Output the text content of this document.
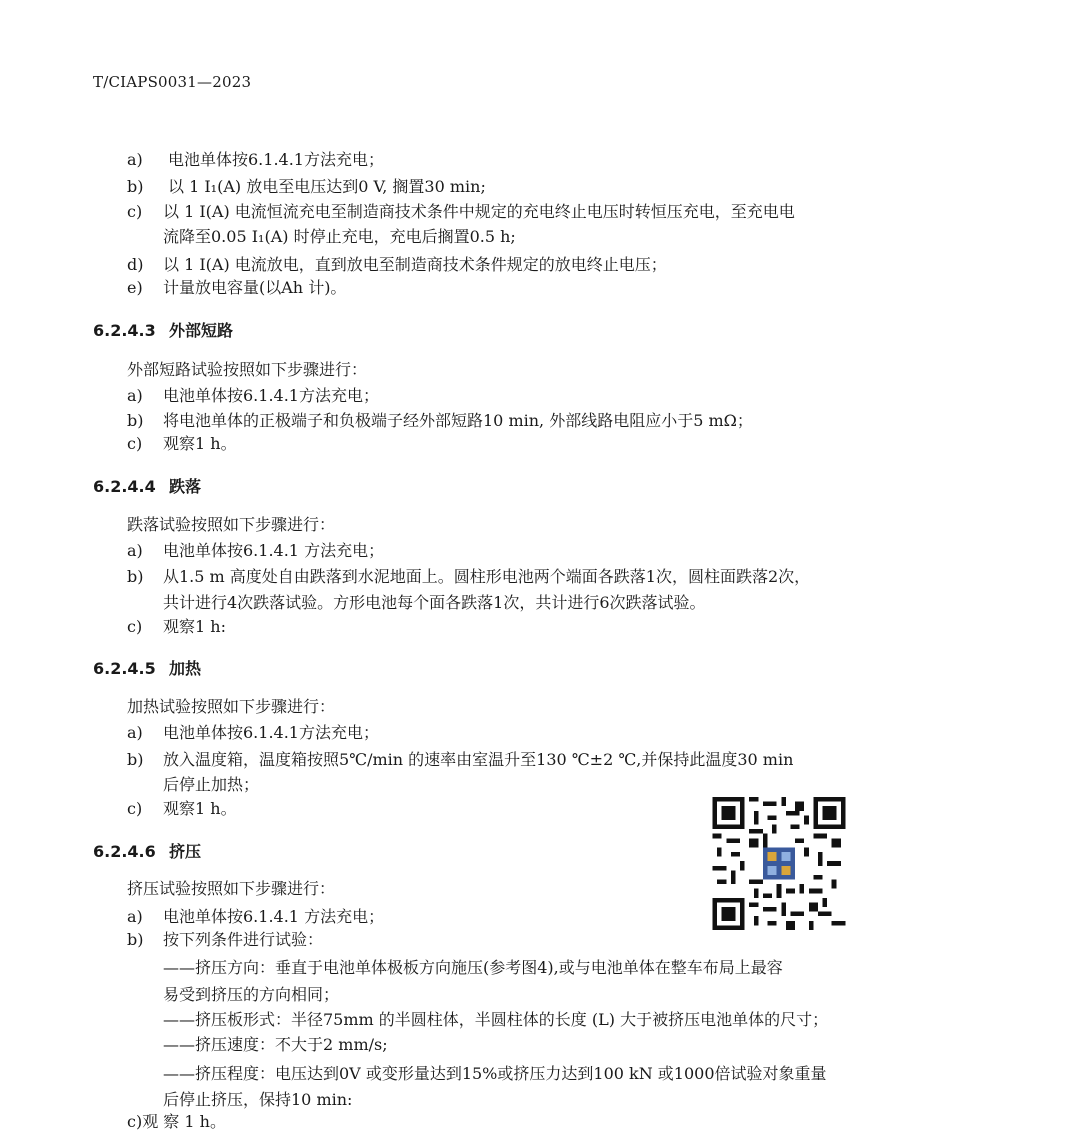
T/CIAPS0031—2023
a) 电池单体按6.1.4.1方法充电；
b) 以 1 I₁(A) 放电至电压达到0 V, 搁置30 min;
c) 以 1 I(A) 电流恒流充电至制造商技术条件中规定的充电终止电压时转恒压充电，至充电电
流降至0.05 I₁(A) 时停止充电，充电后搁置0.5 h;
d) 以 1 I(A) 电流放电，直到放电至制造商技术条件规定的放电终止电压；
e) 计量放电容量(以Ah 计)。
6.2.4.3 外部短路
外部短路试验按照如下步骤进行：
a) 电池单体按6.1.4.1方法充电；
b) 将电池单体的正极端子和负极端子经外部短路10 min, 外部线路电阻应小于5 mΩ；
c) 观察1 h。
6.2.4.4 跌落
跌落试验按照如下步骤进行：
a) 电池单体按6.1.4.1 方法充电；
b) 从1.5 m 高度处自由跌落到水泥地面上。圆柱形电池两个端面各跌落1次，圆柱面跌落2次，
共计进行4次跌落试验。方形电池每个面各跌落1次，共计进行6次跌落试验。
c) 观察1 h:
6.2.4.5 加热
加热试验按照如下步骤进行：
a) 电池单体按6.1.4.1方法充电；
b) 放入温度箱，温度箱按照5℃/min 的速率由室温升至130 ℃±2 ℃,并保持此温度30 min
后停止加热；
c) 观察1 h。
6.2.4.6 挤压
挤压试验按照如下步骤进行：
a) 电池单体按6.1.4.1 方法充电；
b) 按下列条件进行试验：
——挤压方向：垂直于电池单体极板方向施压(参考图4),或与电池单体在整车布局上最容
易受到挤压的方向相同；
——挤压板形式：半径75mm 的半圆柱体，半圆柱体的长度 (L) 大于被挤压电池单体的尺寸；
——挤压速度：不大于2 mm/s;
——挤压程度：电压达到0V 或变形量达到15%或挤压力达到100 kN 或1000倍试验对象重量
后停止挤压，保持10 min:
c)观 察 1 h。
